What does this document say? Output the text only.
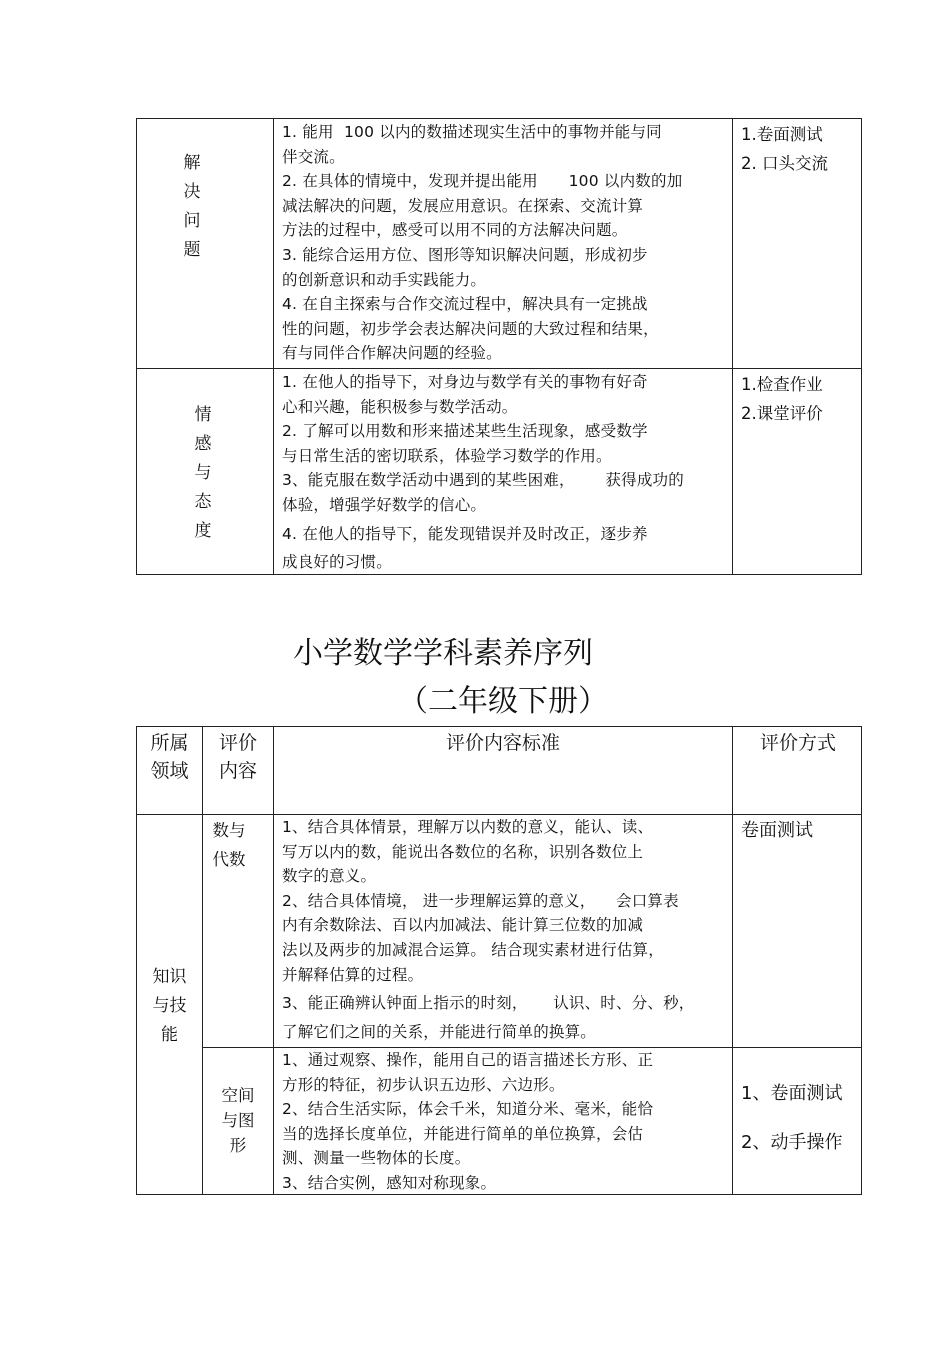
解
决
问
题

1. 能用  100 以内的数描述现实生活中的事物并能与同

伴交流。

2. 在具体的情境中，发现并提出能用      100 以内数的加

减法解决的问题，发展应用意识。在探索、交流计算

方法的过程中，感受可以用不同的方法解决问题。

3. 能综合运用方位、图形等知识解决问题，形成初步

的创新意识和动手实践能力。

4. 在自主探索与合作交流过程中，解决具有一定挑战

性的问题，初步学会表达解决问题的大致过程和结果，

有与同伴合作解决问题的经验。

1.卷面测试

2. 口头交流

情
感
与
态
度

1. 在他人的指导下，对身边与数学有关的事物有好奇

心和兴趣，能积极参与数学活动。

2. 了解可以用数和形来描述某些生活现象，感受数学

与日常生活的密切联系，体验学习数学的作用。

3、能克服在数学活动中遇到的某些困难，      获得成功的

体验，增强学好数学的信心。

4. 在他人的指导下，能发现错误并及时改正，逐步养

成良好的习惯。

1.检查作业

2.课堂评价

小学数学学科素养序列
（二年级下册）
所属
领域
评价
内容
评价内容标准	评价方式
知识
与技
能
数与
代数

1、结合具体情景，理解万以内数的意义，能认、读、

写万以内的数，能说出各数位的名称，识别各数位上

数字的意义。

2、结合具体情境， 进一步理解运算的意义，    会口算表

内有余数除法、百以内加减法、能计算三位数的加减

法以及两步的加减混合运算。 结合现实素材进行估算，

并解释估算的过程。

3、能正确辨认钟面上指示的时刻，     认识、时、分、秒，

了解它们之间的关系，并能进行简单的换算。

卷面测试

空间
与图
形

1、通过观察、操作，能用自己的语言描述长方形、正

方形的特征，初步认识五边形、六边形。

2、结合生活实际，体会千米，知道分米、毫米，能恰

当的选择长度单位，并能进行简单的单位换算，会估

测、测量一些物体的长度。

3、结合实例，感知对称现象。

1、卷面测试

2、动手操作
